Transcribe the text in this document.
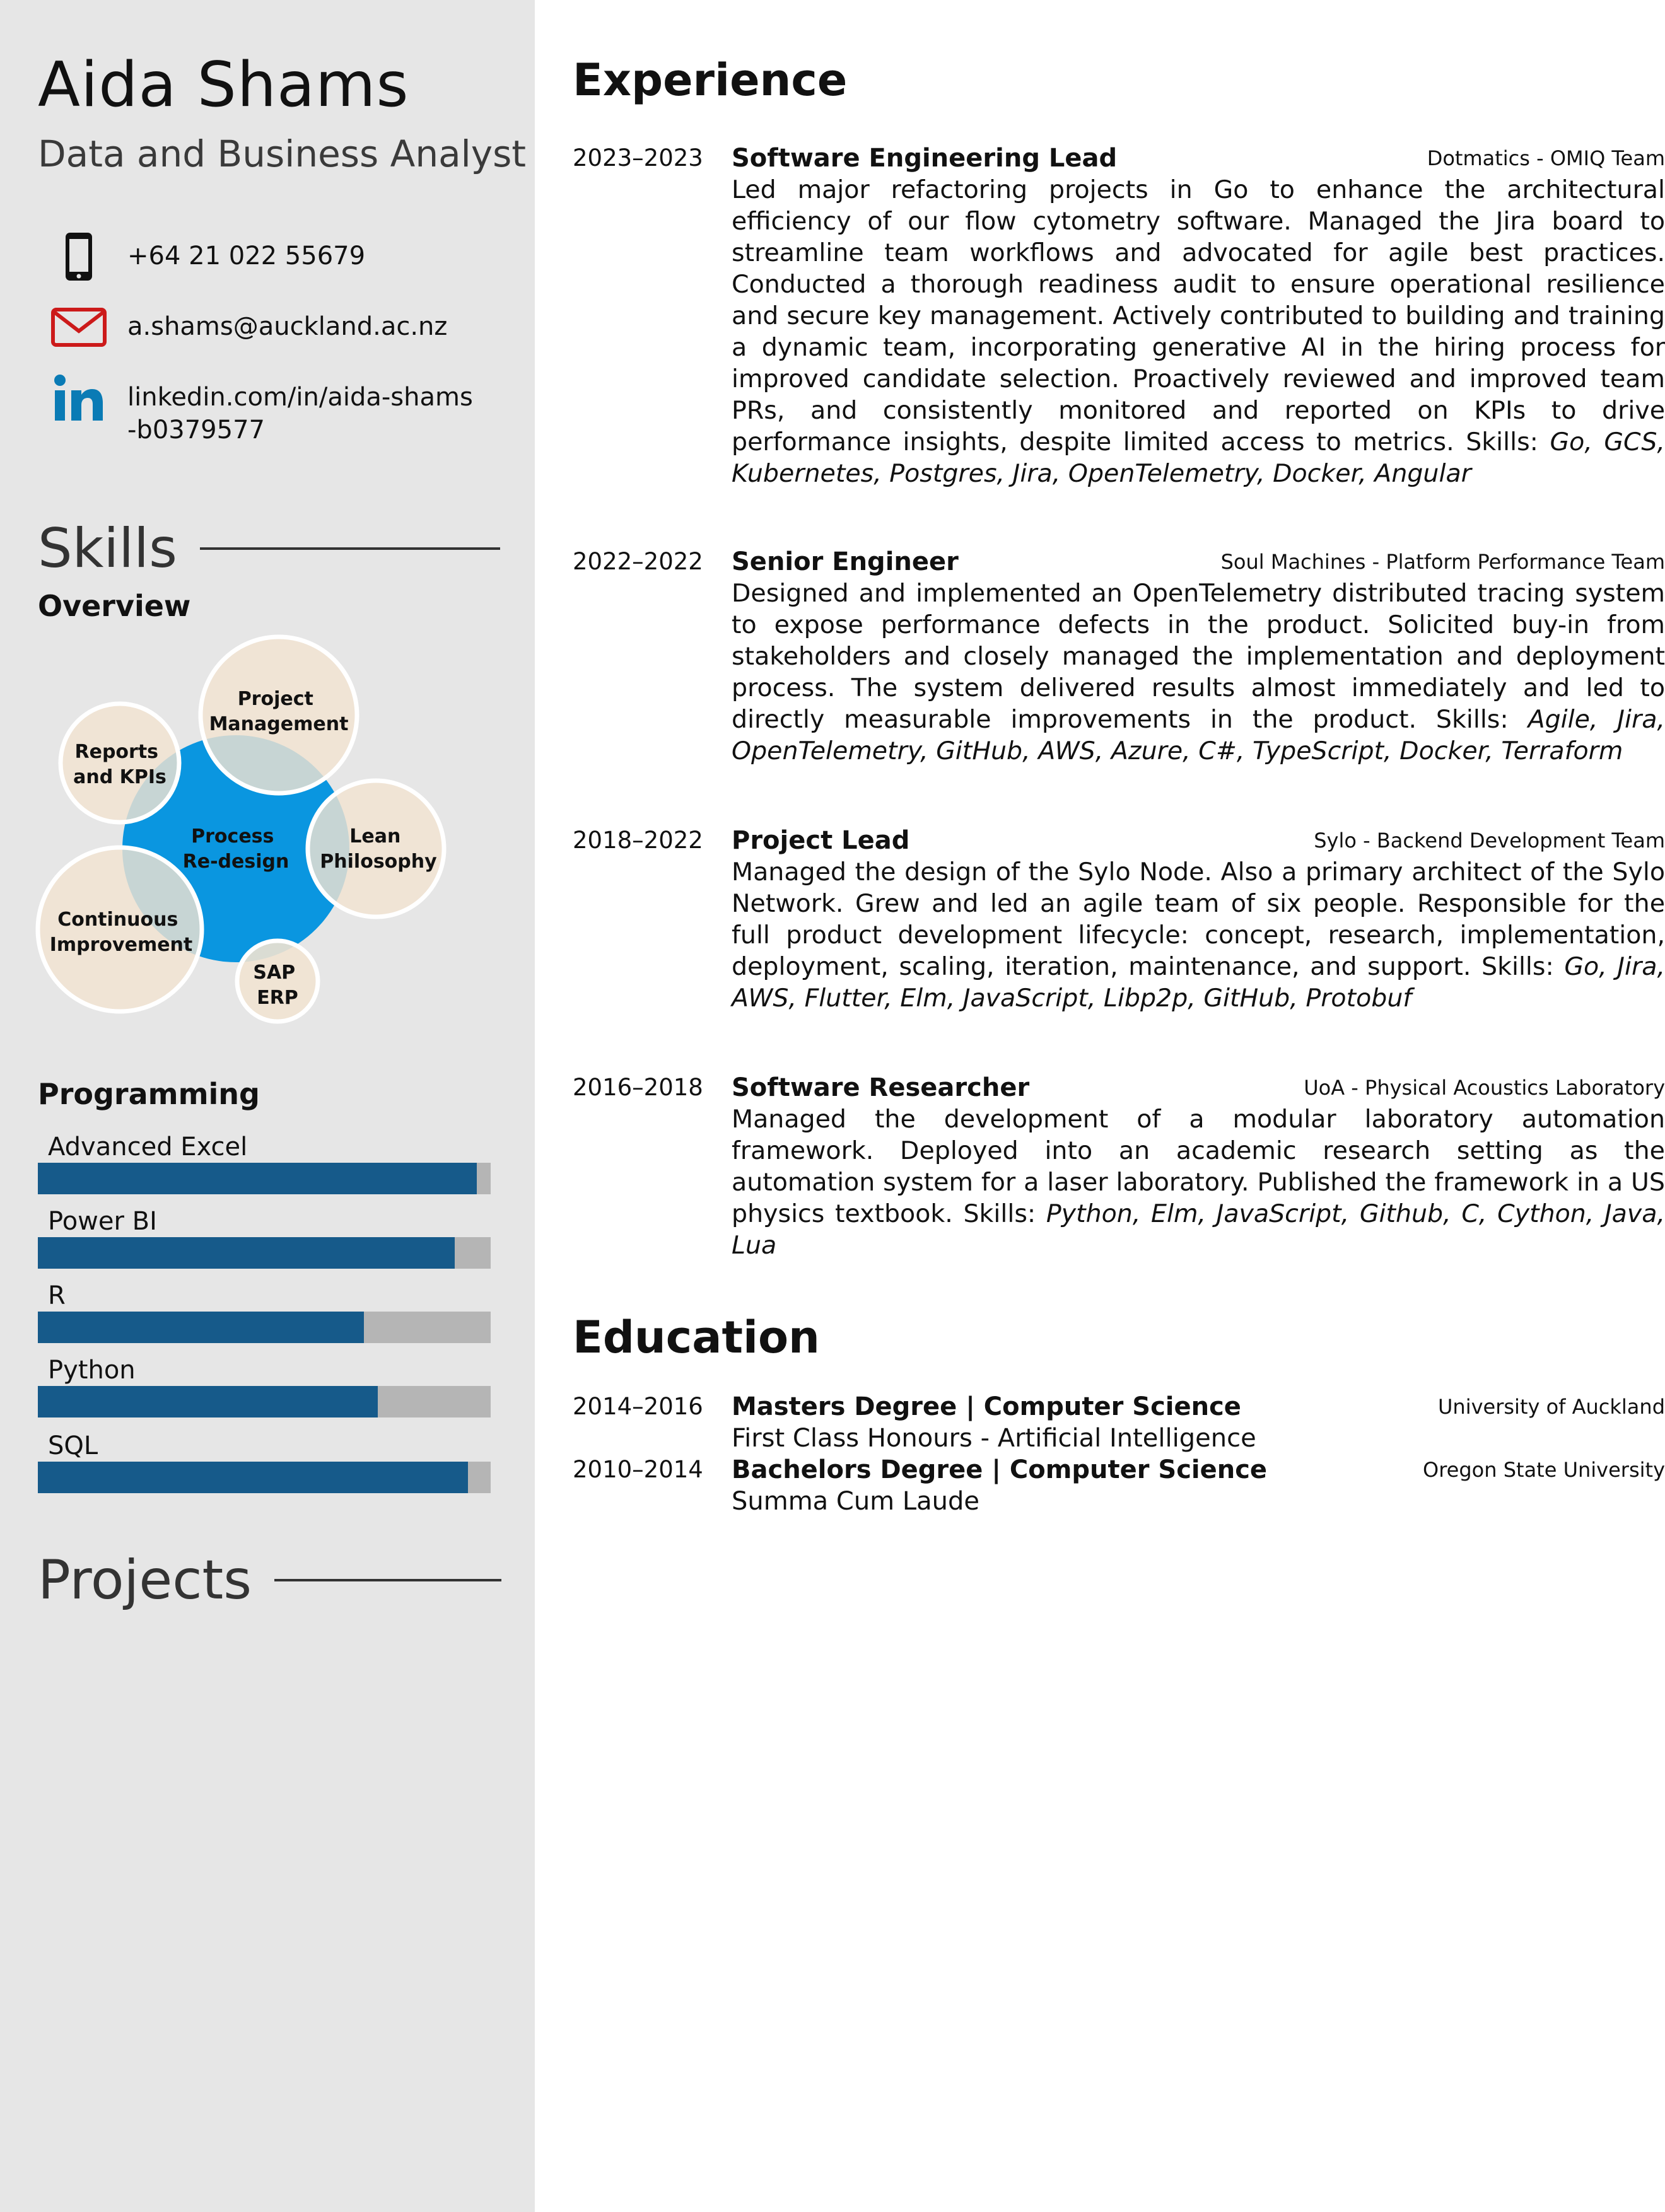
Aida Shams
Data and Business Analyst
+64 21 022 55679
a.shams@auckland.ac.nz
linkedin.com/in/aida-shams-b0379577
Skills
Overview
Project Management
Reports and KPIs
Process Re-design
Lean Philosophy
Continuous Improvement
SAP ERP
Programming
Advanced Excel
Power BI
R
Python
SQL
Projects
Experience
2023–2023 Software Engineering Lead	Dotmatics - OMIQ Team
Led major refactoring projects in Go to enhance the architectural efficiency of our flow cytometry software. Managed the Jira board to streamline team workflows and advocated for agile best practices. Conducted a thorough readiness audit to ensure operational resilience and secure key management. Actively contributed to building and training a dynamic team, incorporating generative AI in the hiring process for improved candidate selection. Proactively reviewed and improved team PRs, and consistently monitored and reported on KPIs to drive performance insights, despite limited access to metrics. Skills: Go, GCS, Kubernetes, Postgres, Jira, OpenTelemetry, Docker, Angular
2022–2022 Senior Engineer	Soul Machines - Platform Performance Team
Designed and implemented an OpenTelemetry distributed tracing system to expose performance defects in the product. Solicited buy-in from stakeholders and closely managed the implementation and deployment process. The system delivered results almost immediately and led to directly measurable improvements in the product. Skills: Agile, Jira, OpenTelemetry, GitHub, AWS, Azure, C#, TypeScript, Docker, Terraform
2018–2022 Project Lead	Sylo - Backend Development Team
Managed the design of the Sylo Node. Also a primary architect of the Sylo Network. Grew and led an agile team of six people. Responsible for the full product development lifecycle: concept, research, implementation, deployment, scaling, iteration, maintenance, and support. Skills: Go, Jira, AWS, Flutter, Elm, JavaScript, Libp2p, GitHub, Protobuf
2016–2018 Software Researcher	UoA - Physical Acoustics Laboratory
Managed the development of a modular laboratory automation framework. Deployed into an academic research setting as the automation system for a laser laboratory. Published the framework in a US physics textbook. Skills: Python, Elm, JavaScript, Github, C, Cython, Java, Lua
Education
2014–2016 Masters Degree | Computer Science	University of Auckland
First Class Honours - Artificial Intelligence
2010–2014 Bachelors Degree | Computer Science	Oregon State University
Summa Cum Laude
